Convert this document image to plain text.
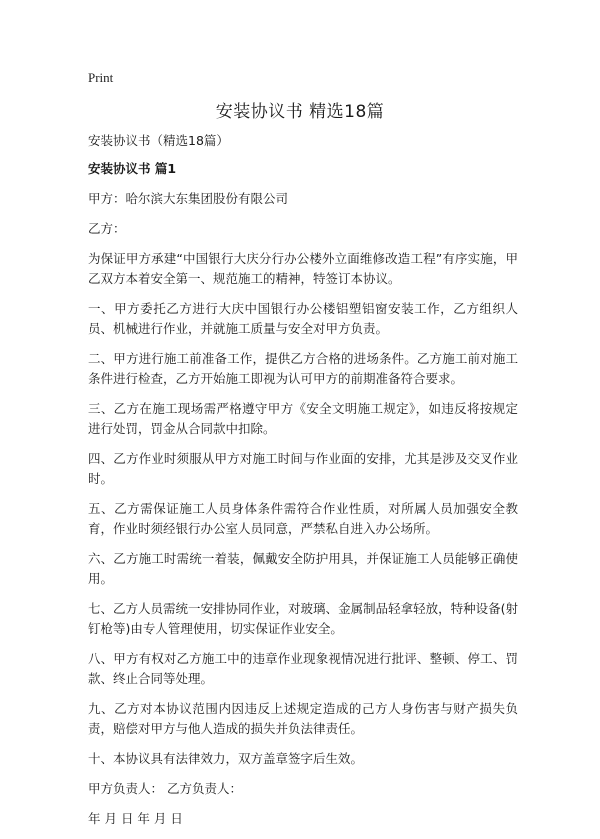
Print
安装协议书 精选18篇

安装协议书（精选18篇）

安装协议书 篇1

甲方：哈尔滨大东集团股份有限公司

乙方：

为保证甲方承建“中国银行大庆分行办公楼外立面维修改造工程”有序实施，甲乙双方本着安全第一、规范施工的精神，特签订本协议。

一、甲方委托乙方进行大庆中国银行办公楼铝塑铝窗安装工作，乙方组织人员、机械进行作业，并就施工质量与安全对甲方负责。

二、甲方进行施工前准备工作，提供乙方合格的进场条件。乙方施工前对施工条件进行检查，乙方开始施工即视为认可甲方的前期准备符合要求。

三、乙方在施工现场需严格遵守甲方《安全文明施工规定》，如违反将按规定进行处罚，罚金从合同款中扣除。

四、乙方作业时须服从甲方对施工时间与作业面的安排，尤其是涉及交叉作业时。

五、乙方需保证施工人员身体条件需符合作业性质，对所属人员加强安全教育，作业时须经银行办公室人员同意，严禁私自进入办公场所。

六、乙方施工时需统一着装，佩戴安全防护用具，并保证施工人员能够正确使用。

七、乙方人员需统一安排协同作业，对玻璃、金属制品轻拿轻放，特种设备(射钉枪等)由专人管理使用，切实保证作业安全。

八、甲方有权对乙方施工中的违章作业现象视情况进行批评、整顿、停工、罚款、终止合同等处理。

九、乙方对本协议范围内因违反上述规定造成的己方人身伤害与财产损失负责，赔偿对甲方与他人造成的损失并负法律责任。

十、本协议具有法律效力，双方盖章签字后生效。

甲方负责人： 乙方负责人：

年 月 日 年 月 日
